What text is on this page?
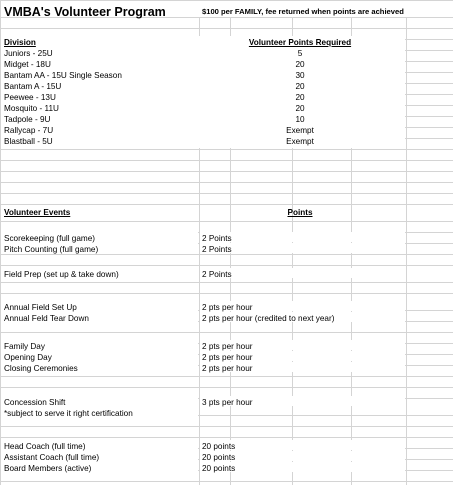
VMBA's Volunteer Program	$100 per FAMILY, fee returned when points are achieved
Division	Volunteer Points Required
Juniors - 25U	5
Midget - 18U	20
Bantam AA - 15U Single Season	30
Bantam A - 15U	20
Peewee - 13U	20
Mosquito - 11U	20
Tadpole - 9U	10
Rallycap - 7U	Exempt
Blastball - 5U	Exempt
Volunteer Events	Points
Scorekeeping (full game)	2 Points
Pitch Counting (full game)	2 Points
Field Prep (set up & take down)	2 Points
Annual Field Set Up	2 pts per hour
Annual Feld Tear Down	2 pts per hour (credited to next year)
Family Day	2 pts per hour
Opening Day	2 pts per hour
Closing Ceremonies	2 pts per hour
Concession Shift	3 pts per hour
*subject to serve it right certification
Head Coach (full time)	20 points
Assistant Coach (full time)	20 points
Board Members (active)	20 points
